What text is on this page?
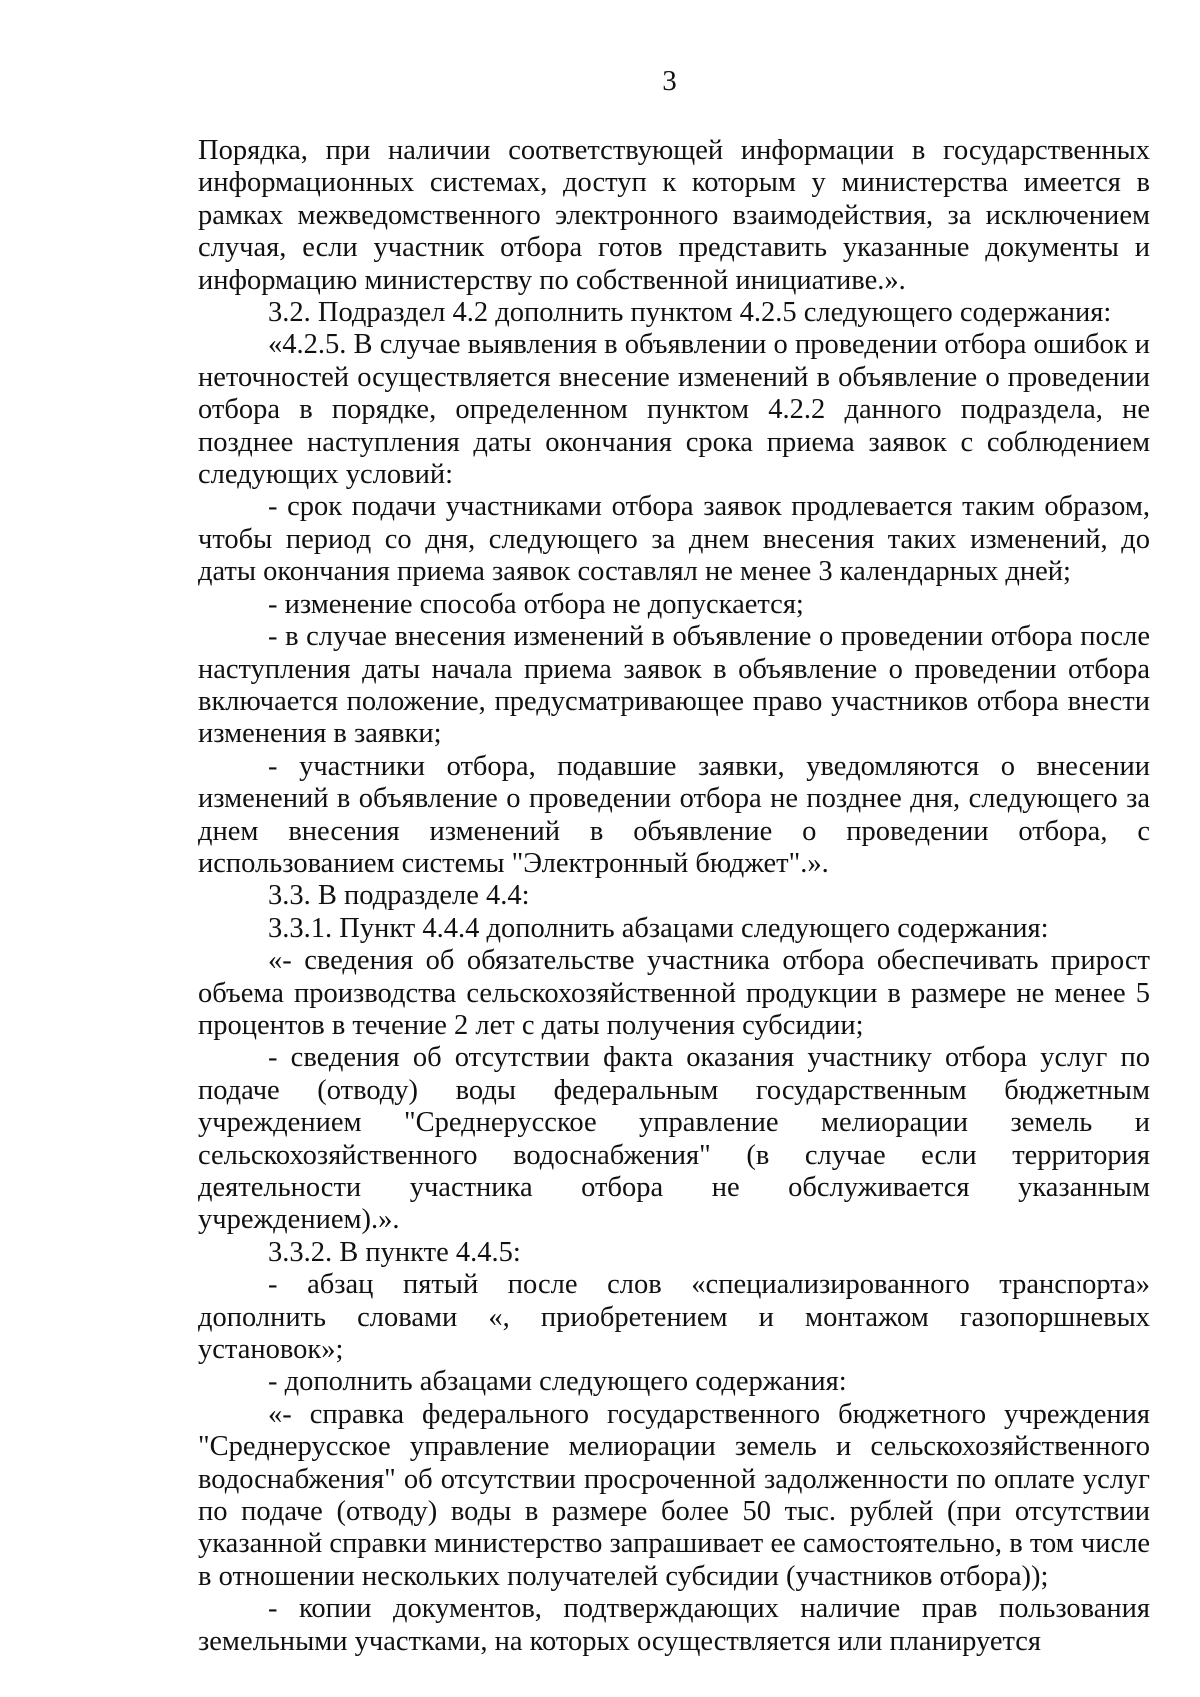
3

Порядка, при наличии соответствующей информации в государственных информационных системах, доступ к которым у министерства имеется в рамках межведомственного электронного взаимодействия, за исключением случая, если участник отбора готов представить указанные документы и информацию министерству по собственной инициативе.».

3.2. Подраздел 4.2 дополнить пунктом 4.2.5 следующего содержания:

«4.2.5. В случае выявления в объявлении о проведении отбора ошибок и неточностей осуществляется внесение изменений в объявление о проведении отбора в порядке, определенном пунктом 4.2.2 данного подраздела, не позднее наступления даты окончания срока приема заявок с соблюдением следующих условий:

- срок подачи участниками отбора заявок продлевается таким образом, чтобы период со дня, следующего за днем внесения таких изменений, до даты окончания приема заявок составлял не менее 3 календарных дней;

- изменение способа отбора не допускается;

- в случае внесения изменений в объявление о проведении отбора после наступления даты начала приема заявок в объявление о проведении отбора включается положение, предусматривающее право участников отбора внести изменения в заявки;

- участники отбора, подавшие заявки, уведомляются о внесении изменений в объявление о проведении отбора не позднее дня, следующего за днем внесения изменений в объявление о проведении отбора, с использованием системы "Электронный бюджет".».

3.3. В подразделе 4.4:

3.3.1. Пункт 4.4.4 дополнить абзацами следующего содержания:

«- сведения об обязательстве участника отбора обеспечивать прирост объема производства сельскохозяйственной продукции в размере не менее 5 процентов в течение 2 лет с даты получения субсидии;

- сведения об отсутствии факта оказания участнику отбора услуг по подаче (отводу) воды федеральным государственным бюджетным учреждением "Среднерусское управление мелиорации земель и сельскохозяйственного водоснабжения" (в случае если территория деятельности участника отбора не обслуживается указанным учреждением).».

3.3.2. В пункте 4.4.5:

- абзац пятый после слов «специализированного транспорта» дополнить словами «, приобретением и монтажом газопоршневых установок»;

- дополнить абзацами следующего содержания:

«- справка федерального государственного бюджетного учреждения "Среднерусское управление мелиорации земель и сельскохозяйственного водоснабжения" об отсутствии просроченной задолженности по оплате услуг по подаче (отводу) воды в размере более 50 тыс. рублей (при отсутствии указанной справки министерство запрашивает ее самостоятельно, в том числе в отношении нескольких получателей субсидии (участников отбора));

- копии документов, подтверждающих наличие прав пользования земельными участками, на которых осуществляется или планируется
